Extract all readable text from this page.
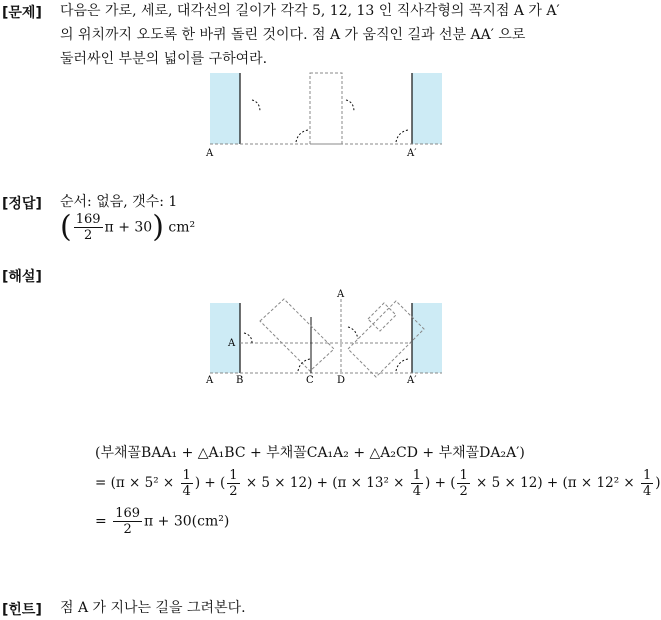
[문제] 다음은 가로, 세로, 대각선의 길이가 각각 5, 12, 13 인 직사각형의 꼭지점 A 가 A′
의 위치까지 오도록 한 바퀴 돌린 것이다. 점 A 가 움직인 길과 선분 AA′ 으로
둘러싸인 부분의 넓이를 구하여라.
A	A′
[정답] 순서: 없음, 갯수: 1
( $\frac{169}{2}$ π + 30) cm²
[해설]
A
A
A B	C D	A′
(부채꼴BAA₁ + △A₁BC + 부채꼴CA₁A₂ + △A₂CD + 부채꼴DA₂A′)
= ($\pi \times 5^2 \times \frac{1}{4}$ ) + ( $\frac{1}{2} \times 5 \times 12) + (\pi \times 13^2 \times \frac{1}{4}$ ) + ( $\frac{1}{2} \times 5 \times 12) + (\pi \times 12^2 \times \frac{1}{4}$ )
= $\frac{169}{2}$ π + 30(cm²)
[힌트] 점 A 가 지나는 길을 그려본다.
